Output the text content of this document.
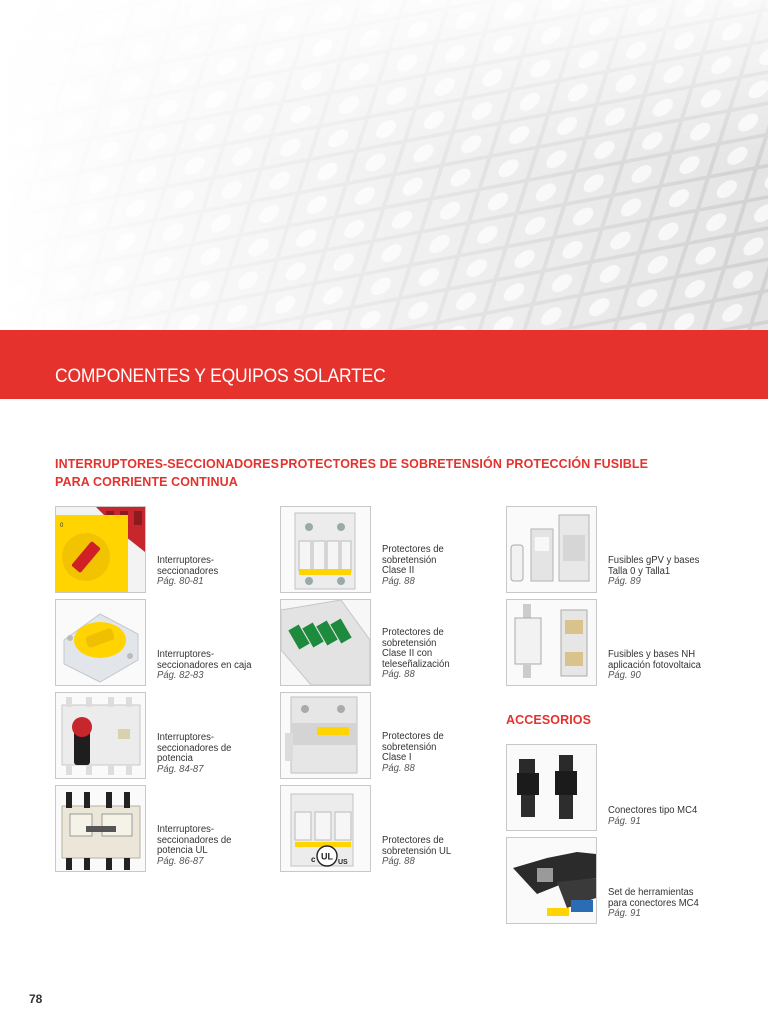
COMPONENTES Y EQUIPOS SOLARTEC
INTERRUPTORES-SECCIONADORES
PARA CORRIENTE CONTINUA
PROTECTORES DE SOBRETENSIÓN PROTECCIÓN FUSIBLE
0
Interruptores-
seccionadores
Pág. 80-81
Interruptores-
seccionadores en caja
Pág. 82-83
Interruptores-
seccionadores de
potencia
Pág. 84-87
Interruptores-
seccionadores de
potencia UL
Pág. 86-87
Protectores de
sobretensión
Clase II
Pág. 88
Protectores de
sobretensión
Clase II con
teleseñalización
Pág. 88
Protectores de
sobretensión
Clase I
Pág. 88
UL
c	US
Protectores de
sobretensión UL
Pág. 88
Fusibles gPV y bases
Talla 0 y Talla1
Pág. 89
Fusibles y bases NH
aplicación fotovoltaica
Pág. 90
ACCESORIOS
Conectores tipo MC4
Pág. 91
Set de herramientas
para conectores MC4
Pág. 91
78
